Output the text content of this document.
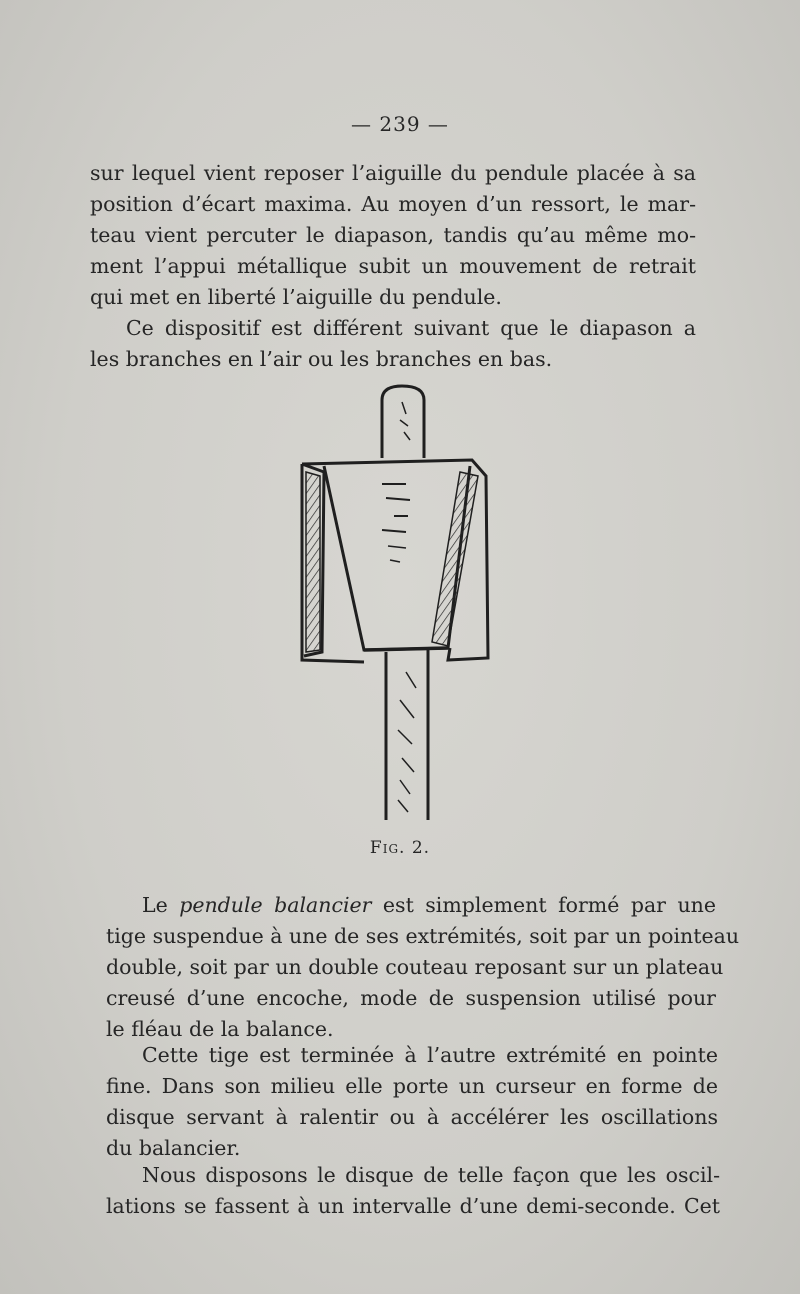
— 239 —

sur lequel vient reposer l’aiguille du pendule placée à sa
position d’écart maxima. Au moyen d’un ressort, le mar-
teau vient percuter le diapason, tandis qu’au même mo-
ment l’appui métallique subit un mouvement de retrait
qui met en liberté l’aiguille du pendule.

Ce dispositif est différent suivant que le diapason a
les branches en l’air ou les branches en bas.

Fig. 2.

Le pendule balancier est simplement formé par une
tige suspendue à une de ses extrémités, soit par un pointeau
double, soit par un double couteau reposant sur un plateau
creusé d’une encoche, mode de suspension utilisé pour
le fléau de la balance.

Cette tige est terminée à l’autre extrémité en pointe
fine. Dans son milieu elle porte un curseur en forme de
disque servant à ralentir ou à accélérer les oscillations
du balancier.

Nous disposons le disque de telle façon que les oscil-
lations se fassent à un intervalle d’une demi-seconde. Cet
